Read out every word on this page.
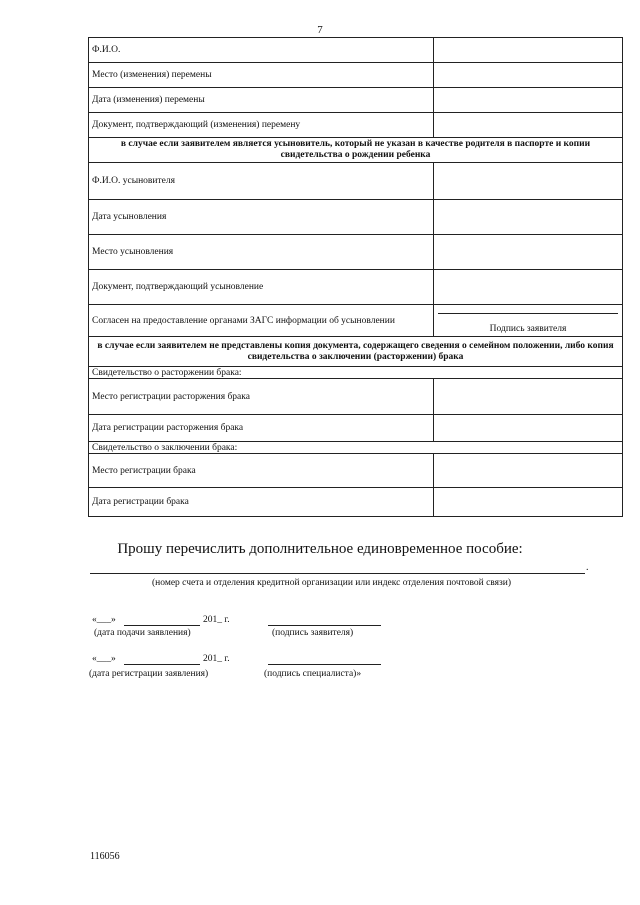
7
Ф.И.О.	
Место (изменения) перемены	
Дата (изменения) перемены	
Документ, подтверждающий (изменения) перемену	
в случае если заявителем является усыновитель, который не указан в качестве родителя в паспорте и копии свидетельства о рождении ребенка	
Ф.И.О. усыновителя	
Дата усыновления	
Место усыновления	
Документ, подтверждающий усыновление	
Согласен на предоставление органами ЗАГС информации об усыновлении	Подпись заявителя

в случае если заявителем не представлены копия документа, содержащего сведения о семейном положении, либо копия свидетельства о заключении (расторжении) брака	
Свидетельство о расторжении брака:	
Место регистрации расторжения брака	
Дата регистрации расторжения брака	
Свидетельство о заключении брака:	
Место регистрации брака	
Дата регистрации брака	
Прошу перечислить дополнительное единовременное пособие:
.
(номер счета и отделения кредитной организации или индекс отделения почтовой связи)
«___»	201_ г.
(дата подачи заявления)	(подпись заявителя)
«___»	201_ г.
(дата регистрации заявления)	(подпись специалиста)»
116056
